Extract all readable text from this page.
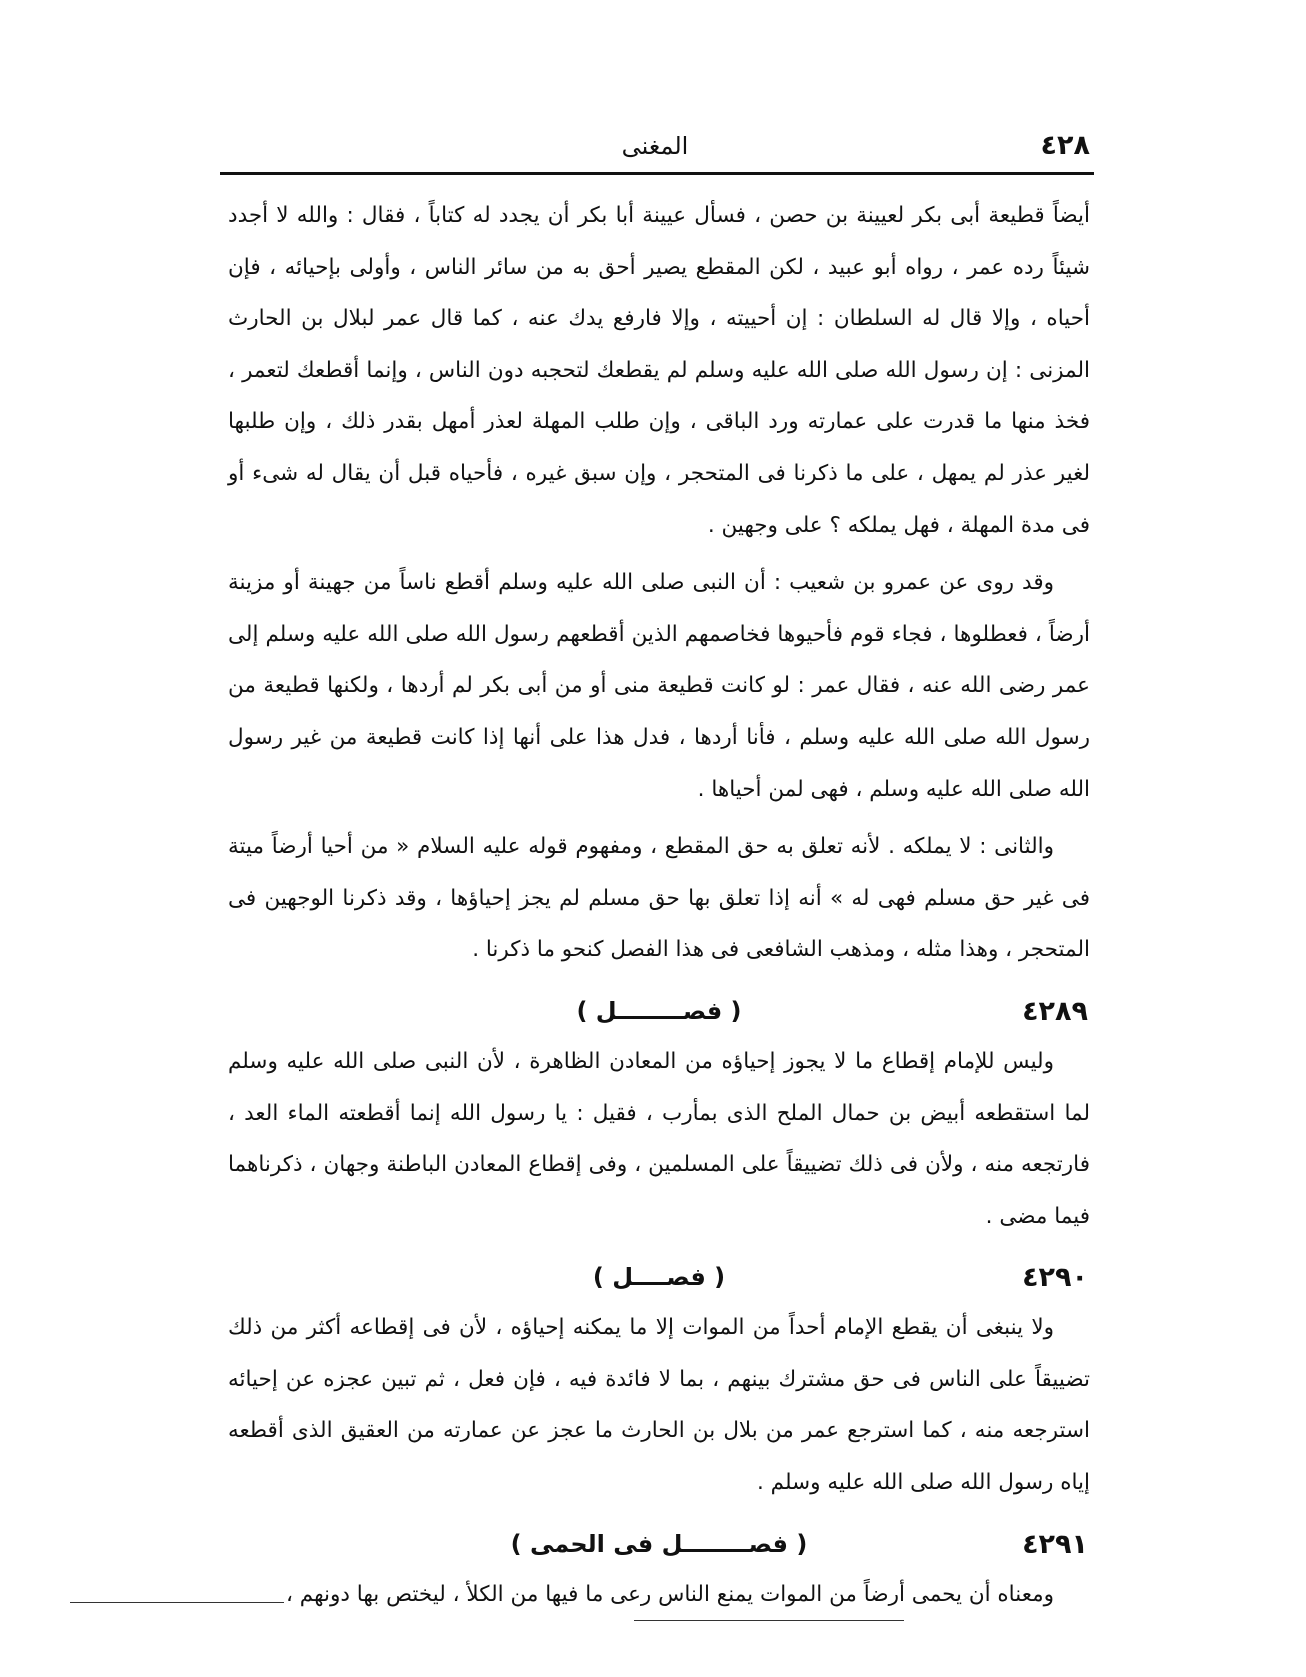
٤٢٨
المغنى

أيضاً قطيعة أبى بكر لعيينة بن حصن ، فسأل عيينة أبا بكر أن يجدد له كتاباً ، فقال : والله لا أجدد شيئاً رده عمر ، رواه أبو عبيد ، لكن المقطع يصير أحق به من سائر الناس ، وأولى بإحيائه ، فإن أحياه ، وإلا قال له السلطان : إن أحييته ، وإلا فارفع يدك عنه ، كما قال عمر لبلال بن الحارث المزنى : إن رسول الله صلى الله عليه وسلم لم يقطعك لتحجبه دون الناس ، وإنما أقطعك لتعمر ، فخذ منها ما قدرت على عمارته ورد الباقى ، وإن طلب المهلة لعذر أمهل بقدر ذلك ، وإن طلبها لغير عذر لم يمهل ، على ما ذكرنا فى المتحجر ، وإن سبق غيره ، فأحياه قبل أن يقال له شىء أو فى مدة المهلة ، فهل يملكه ؟ على وجهين .

وقد روى عن عمرو بن شعيب : أن النبى صلى الله عليه وسلم أقطع ناساً من جهينة أو مزينة أرضاً ، فعطلوها ، فجاء قوم فأحيوها فخاصمهم الذين أقطعهم رسول الله صلى الله عليه وسلم إلى عمر رضى الله عنه ، فقال عمر : لو كانت قطيعة منى أو من أبى بكر لم أردها ، ولكنها قطيعة من رسول الله صلى الله عليه وسلم ، فأنا أردها ، فدل هذا على أنها إذا كانت قطيعة من غير رسول الله صلى الله عليه وسلم ، فهى لمن أحياها .

والثانى : لا يملكه . لأنه تعلق به حق المقطع ، ومفهوم قوله عليه السلام « من أحيا أرضاً ميتة فى غير حق مسلم فهى له » أنه إذا تعلق بها حق مسلم لم يجز إحياؤها ، وقد ذكرنا الوجهين فى المتحجر ، وهذا مثله ، ومذهب الشافعى فى هذا الفصل كنحو ما ذكرنا .

٤٢٨٩
( فصــــــــل )

وليس للإمام إقطاع ما لا يجوز إحياؤه من المعادن الظاهرة ، لأن النبى صلى الله عليه وسلم لما استقطعه أبيض بن حمال الملح الذى بمأرب ، فقيل : يا رسول الله إنما أقطعته الماء العد ، فارتجعه منه ، ولأن فى ذلك تضييقاً على المسلمين ، وفى إقطاع المعادن الباطنة وجهان ، ذكرناهما فيما مضى .

٤٢٩٠
( فصــــل )

ولا ينبغى أن يقطع الإمام أحداً من الموات إلا ما يمكنه إحياؤه ، لأن فى إقطاعه أكثر من ذلك تضييقاً على الناس فى حق مشترك بينهم ، بما لا فائدة فيه ، فإن فعل ، ثم تبين عجزه عن إحيائه استرجعه منه ، كما استرجع عمر من بلال بن الحارث ما عجز عن عمارته من العقيق الذى أقطعه إياه رسول الله صلى الله عليه وسلم .

٤٢٩١
( فصــــــــل فى الحمى )

ومعناه أن يحمى أرضاً من الموات يمنع الناس رعى ما فيها من الكلأ ، ليختص بها دونهم ،
